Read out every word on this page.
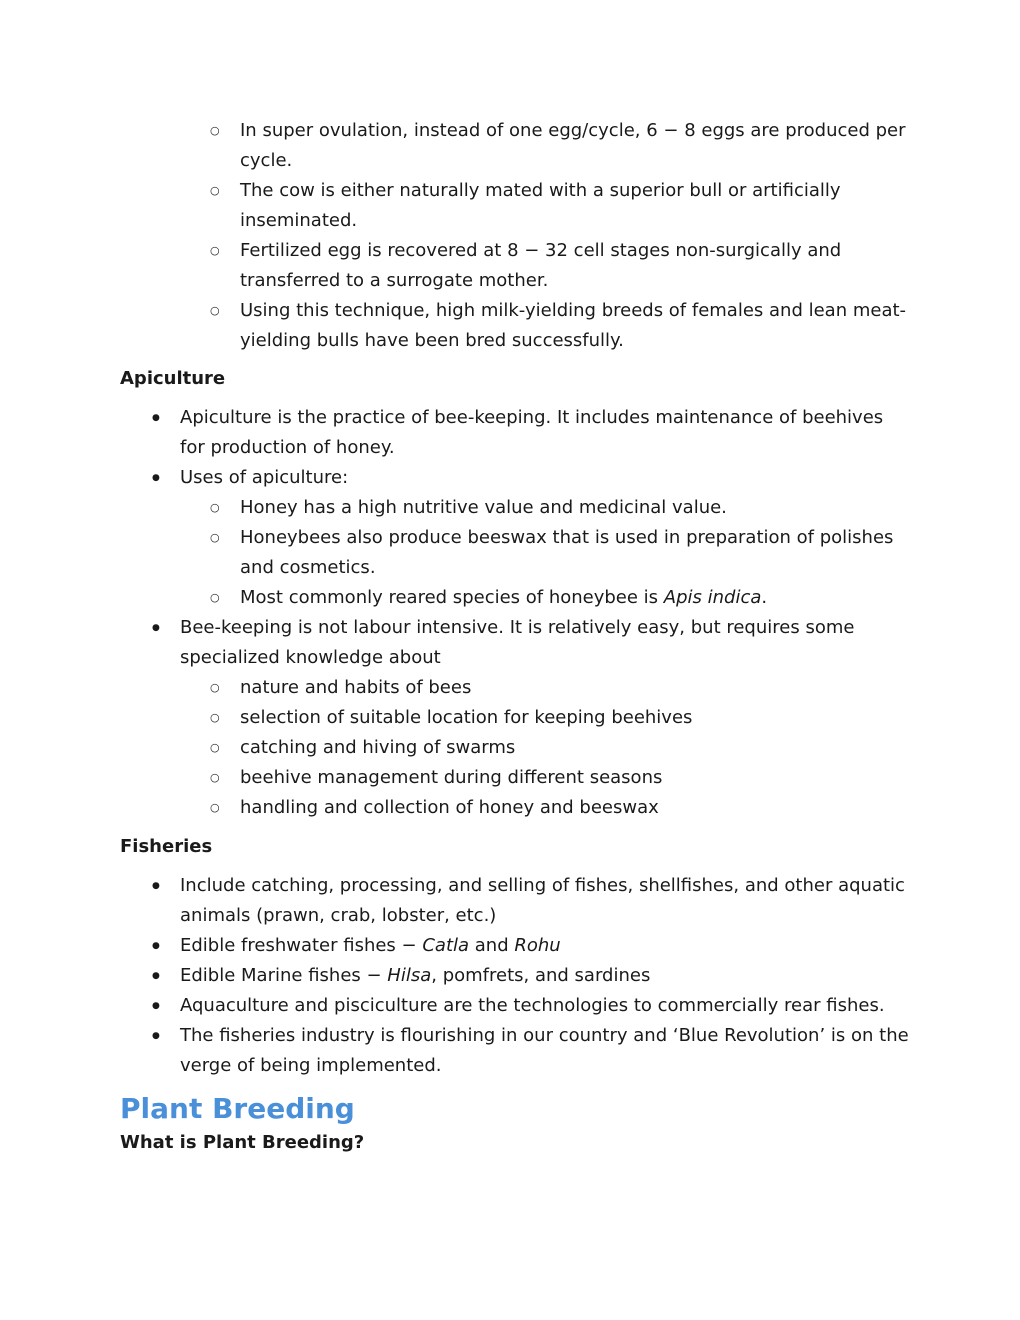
○ In super ovulation, instead of one egg/cycle, 6 − 8 eggs are produced per cycle.
○ The cow is either naturally mated with a superior bull or artificially inseminated.
○ Fertilized egg is recovered at 8 − 32 cell stages non-surgically and transferred to a surrogate mother.
○ Using this technique, high milk-yielding breeds of females and lean meat-yielding bulls have been bred successfully.
Apiculture
● Apiculture is the practice of bee-keeping. It includes maintenance of beehives for production of honey.
● Uses of apiculture:
○ Honey has a high nutritive value and medicinal value.
○ Honeybees also produce beeswax that is used in preparation of polishes and cosmetics.
○ Most commonly reared species of honeybee is Apis indica.
● Bee-keeping is not labour intensive. It is relatively easy, but requires some specialized knowledge about
○ nature and habits of bees
○ selection of suitable location for keeping beehives
○ catching and hiving of swarms
○ beehive management during different seasons
○ handling and collection of honey and beeswax
Fisheries
● Include catching, processing, and selling of fishes, shellfishes, and other aquatic animals (prawn, crab, lobster, etc.)
● Edible freshwater fishes − Catla and Rohu
● Edible Marine fishes − Hilsa, pomfrets, and sardines
● Aquaculture and pisciculture are the technologies to commercially rear fishes.
● The fisheries industry is flourishing in our country and ‘Blue Revolution’ is on the verge of being implemented.
Plant Breeding
What is Plant Breeding?
